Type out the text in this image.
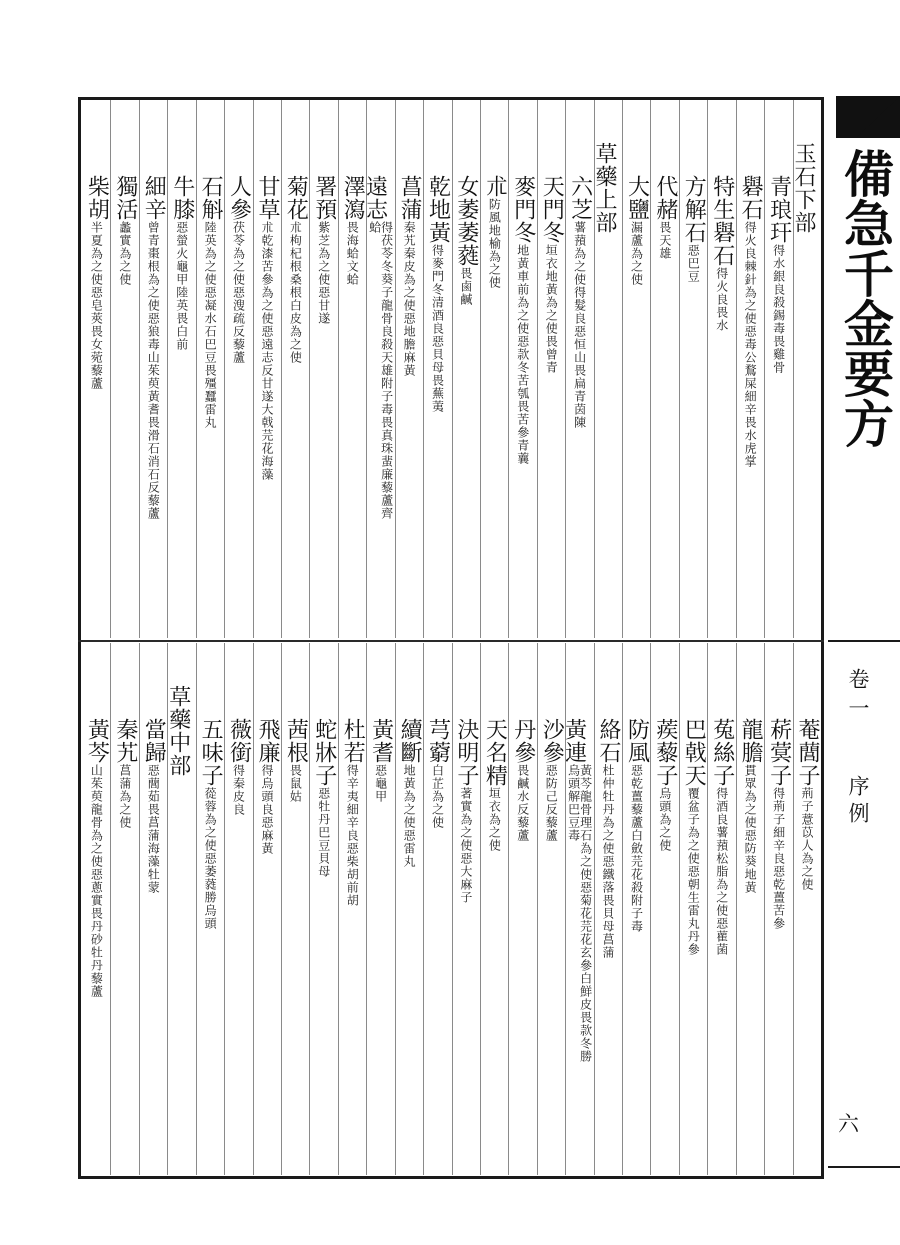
備急千金要方
卷一
序例
六
玉石下部
青琅玕得水銀良殺錫毒畏雞骨
礜石得火良棘針為之使惡毒公鶩屎細辛畏水虎掌
特生礜石得火良畏水
方解石惡巴豆
代赭畏天雄
大鹽漏蘆為之使
草藥上部
六芝薯蕷為之使得髮良惡恒山畏扁青茵陳
天門冬垣衣地黃為之使畏曾青
麥門冬地黃車前為之使惡款冬苦瓠畏苦參青蘘
朮防風地榆為之使
女萎萎蕤畏鹵鹹
乾地黃得麥門冬清酒良惡貝母畏蕪荑
菖蒲秦艽秦皮為之使惡地膽麻黃
遠志得茯苓冬葵子龍骨良殺天雄附子毒畏真珠蜚廉藜蘆齊蛤
澤瀉畏海蛤文蛤
署預紫芝為之使惡甘遂
菊花朮枸杞根桑根白皮為之使
甘草朮乾漆苦參為之使惡遠志反甘遂大戟芫花海藻
人參茯苓為之使惡溲疏反藜蘆
石斛陸英為之使惡凝水石巴豆畏殭蠶雷丸
牛膝惡螢火龜甲陸英畏白前
細辛曾青棗根為之使惡狼毒山茱萸黃耆畏滑石消石反藜蘆
獨活蠡實為之使
柴胡半夏為之使惡皂莢畏女菀藜蘆
菴䕡子荊子薏苡人為之使
菥蓂子得荊子細辛良惡乾薑苦參
龍膽貫眾為之使惡防葵地黃
菟絲子得酒良薯蕷松脂為之使惡雚菌
巴戟天覆盆子為之使惡朝生雷丸丹參
蒺藜子烏頭為之使
防風惡乾薑藜蘆白斂芫花殺附子毒
絡石杜仲牡丹為之使惡鐵落畏貝母菖蒲
黃連黃芩龍骨理石為之使惡菊花芫花玄參白鮮皮畏款冬勝烏頭解巴豆毒
沙參惡防己反藜蘆
丹參畏鹹水反藜蘆
天名精垣衣為之使
決明子著實為之使惡大麻子
芎藭白芷為之使
續斷地黃為之使惡雷丸
黃耆惡龜甲
杜若得辛夷細辛良惡柴胡前胡
蛇牀子惡牡丹巴豆貝母
茜根畏鼠姑
飛廉得烏頭良惡麻黃
薇銜得秦皮良
五味子蓯蓉為之使惡萎蕤勝烏頭
草藥中部
當歸惡䕡茹畏菖蒲海藻牡蒙
秦艽菖蒲為之使
黃芩山茱萸龍骨為之使惡蔥實畏丹砂牡丹藜蘆
